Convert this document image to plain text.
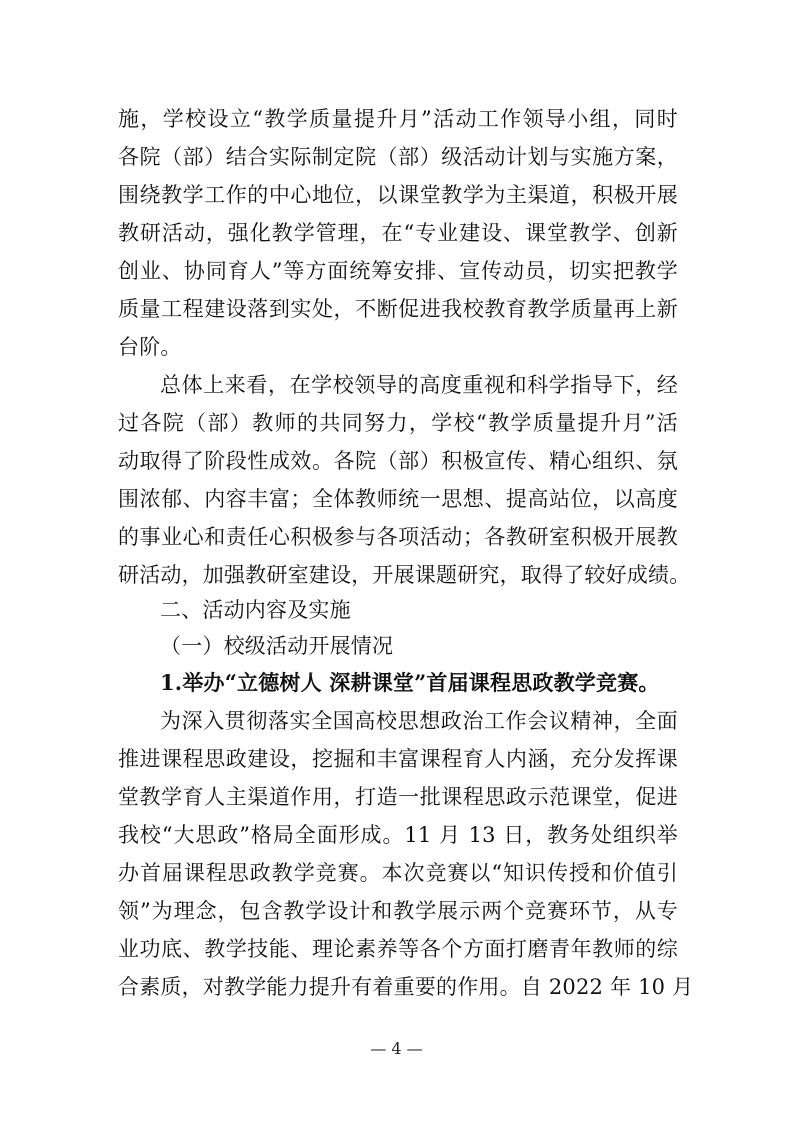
施，学校设立“教学质量提升月”活动工作领导小组，同时
各院（部）结合实际制定院（部）级活动计划与实施方案，
围绕教学工作的中心地位，以课堂教学为主渠道，积极开展
教研活动，强化教学管理，在“专业建设、课堂教学、创新
创业、协同育人”等方面统筹安排、宣传动员，切实把教学
质量工程建设落到实处，不断促进我校教育教学质量再上新
台阶。
总体上来看，在学校领导的高度重视和科学指导下，经
过各院（部）教师的共同努力，学校“教学质量提升月”活
动取得了阶段性成效。各院（部）积极宣传、精心组织、氛
围浓郁、内容丰富；全体教师统一思想、提高站位，以高度
的事业心和责任心积极参与各项活动；各教研室积极开展教
研活动，加强教研室建设，开展课题研究，取得了较好成绩。
二、活动内容及实施
（一）校级活动开展情况
1.举办“立德树人 深耕课堂”首届课程思政教学竞赛。
为深入贯彻落实全国高校思想政治工作会议精神，全面
推进课程思政建设，挖掘和丰富课程育人内涵，充分发挥课
堂教学育人主渠道作用，打造一批课程思政示范课堂，促进
我校“大思政”格局全面形成。11 月 13 日，教务处组织举
办首届课程思政教学竞赛。本次竞赛以“知识传授和价值引
领”为理念，包含教学设计和教学展示两个竞赛环节，从专
业功底、教学技能、理论素养等各个方面打磨青年教师的综
合素质，对教学能力提升有着重要的作用。自 2022 年 10 月
— 4 —
